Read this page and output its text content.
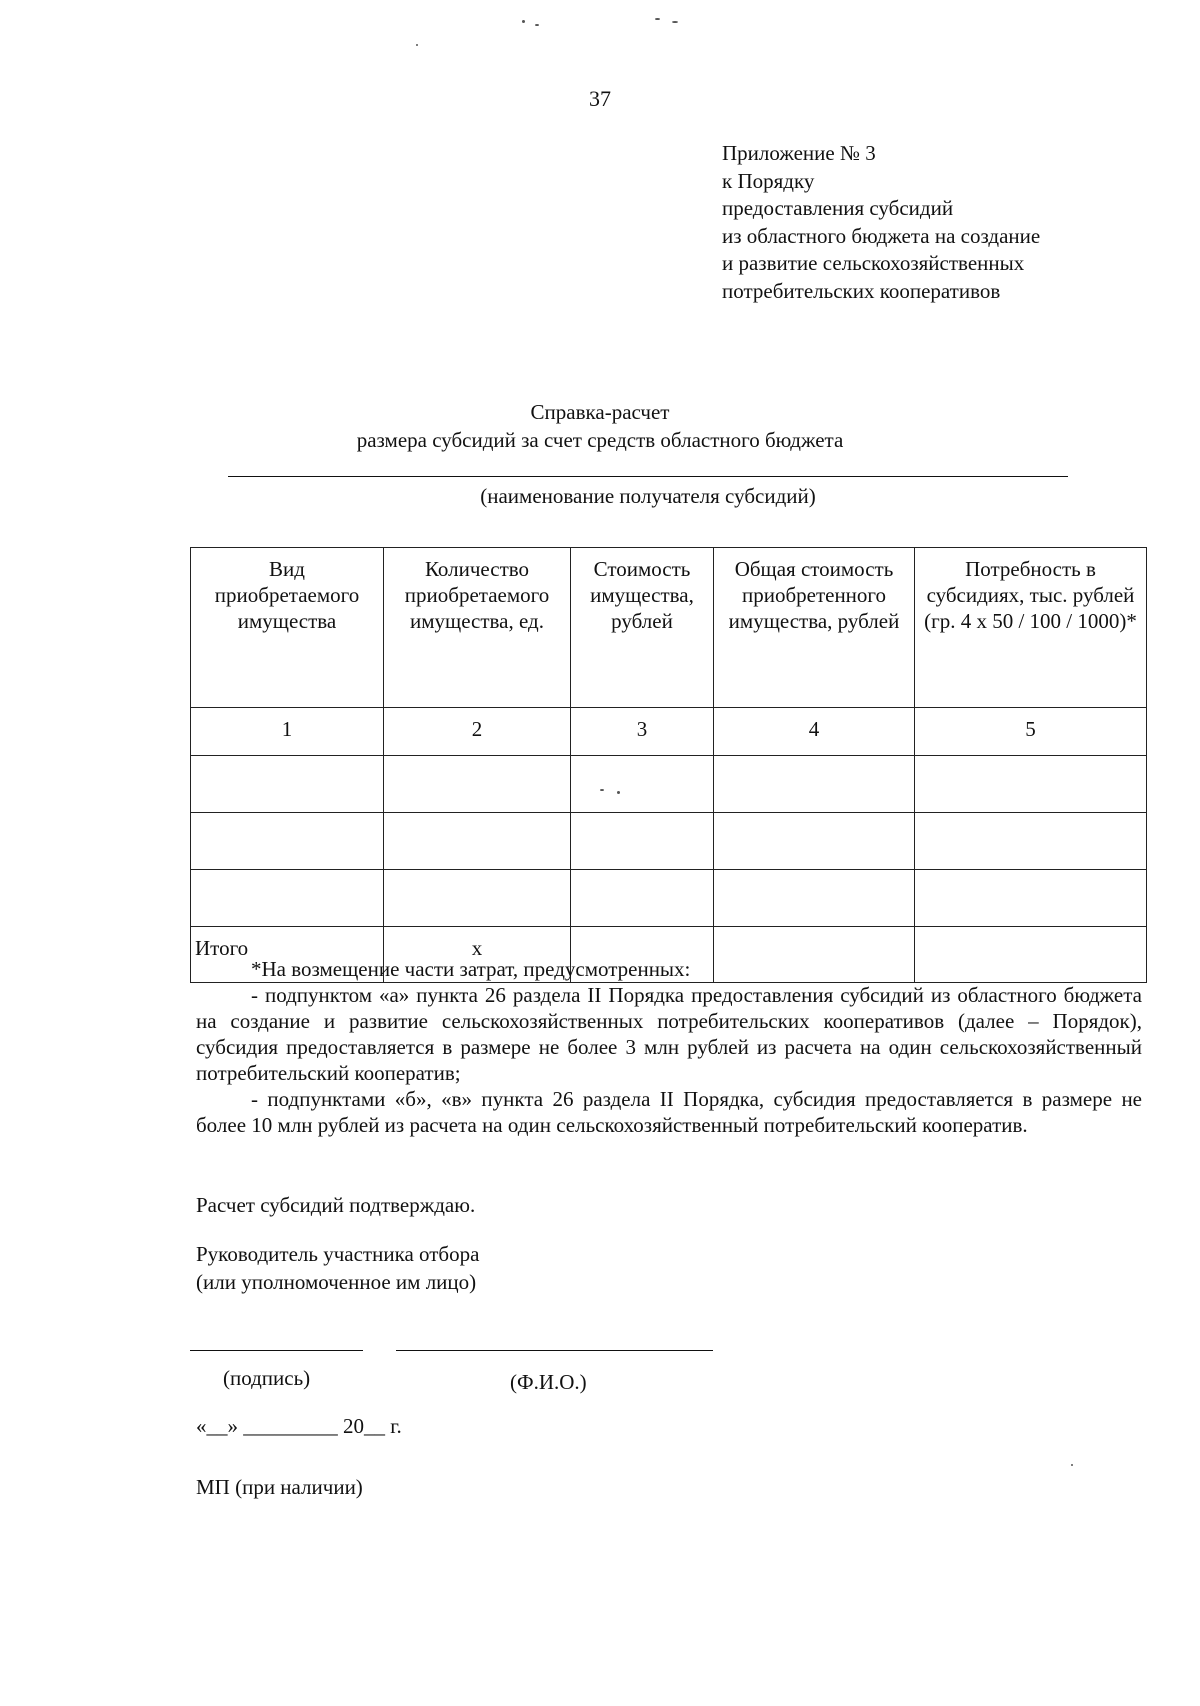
37
Приложение № 3
к Порядку
предоставления субсидий
из областного бюджета на создание
и развитие сельскохозяйственных
потребительских кооперативов
Справка-расчет
размера субсидий за счет средств областного бюджета
(наименование получателя субсидий)
Вид приобретаемого имущества	Количество приобретаемого имущества, ед.	Стоимость имущества, рублей	Общая стоимость приобретенного имущества, рублей	Потребность в субсидиях, тыс. рублей (гр. 4 х 50 / 100 / 1000)*
1	2	3	4	5

Итого	х			

*На возмещение части затрат, предусмотренных:

- подпунктом «а» пункта 26 раздела II Порядка предоставления субсидий из областного бюджета на создание и развитие сельскохозяйственных потребительских кооперативов (далее – Порядок), субсидия предоставляется в размере не более 3 млн рублей из расчета на один сельскохозяйственный потребительский кооператив;

- подпунктами «б», «в» пункта 26 раздела II Порядка, субсидия предоставляется в размере не более 10 млн рублей из расчета на один сельскохозяйственный потребительский кооператив.

Расчет субсидий подтверждаю.
Руководитель участника отбора
(или уполномоченное им лицо)
(подпись)	(Ф.И.О.)
«__» _________ 20__ г.
МП (при наличии)
